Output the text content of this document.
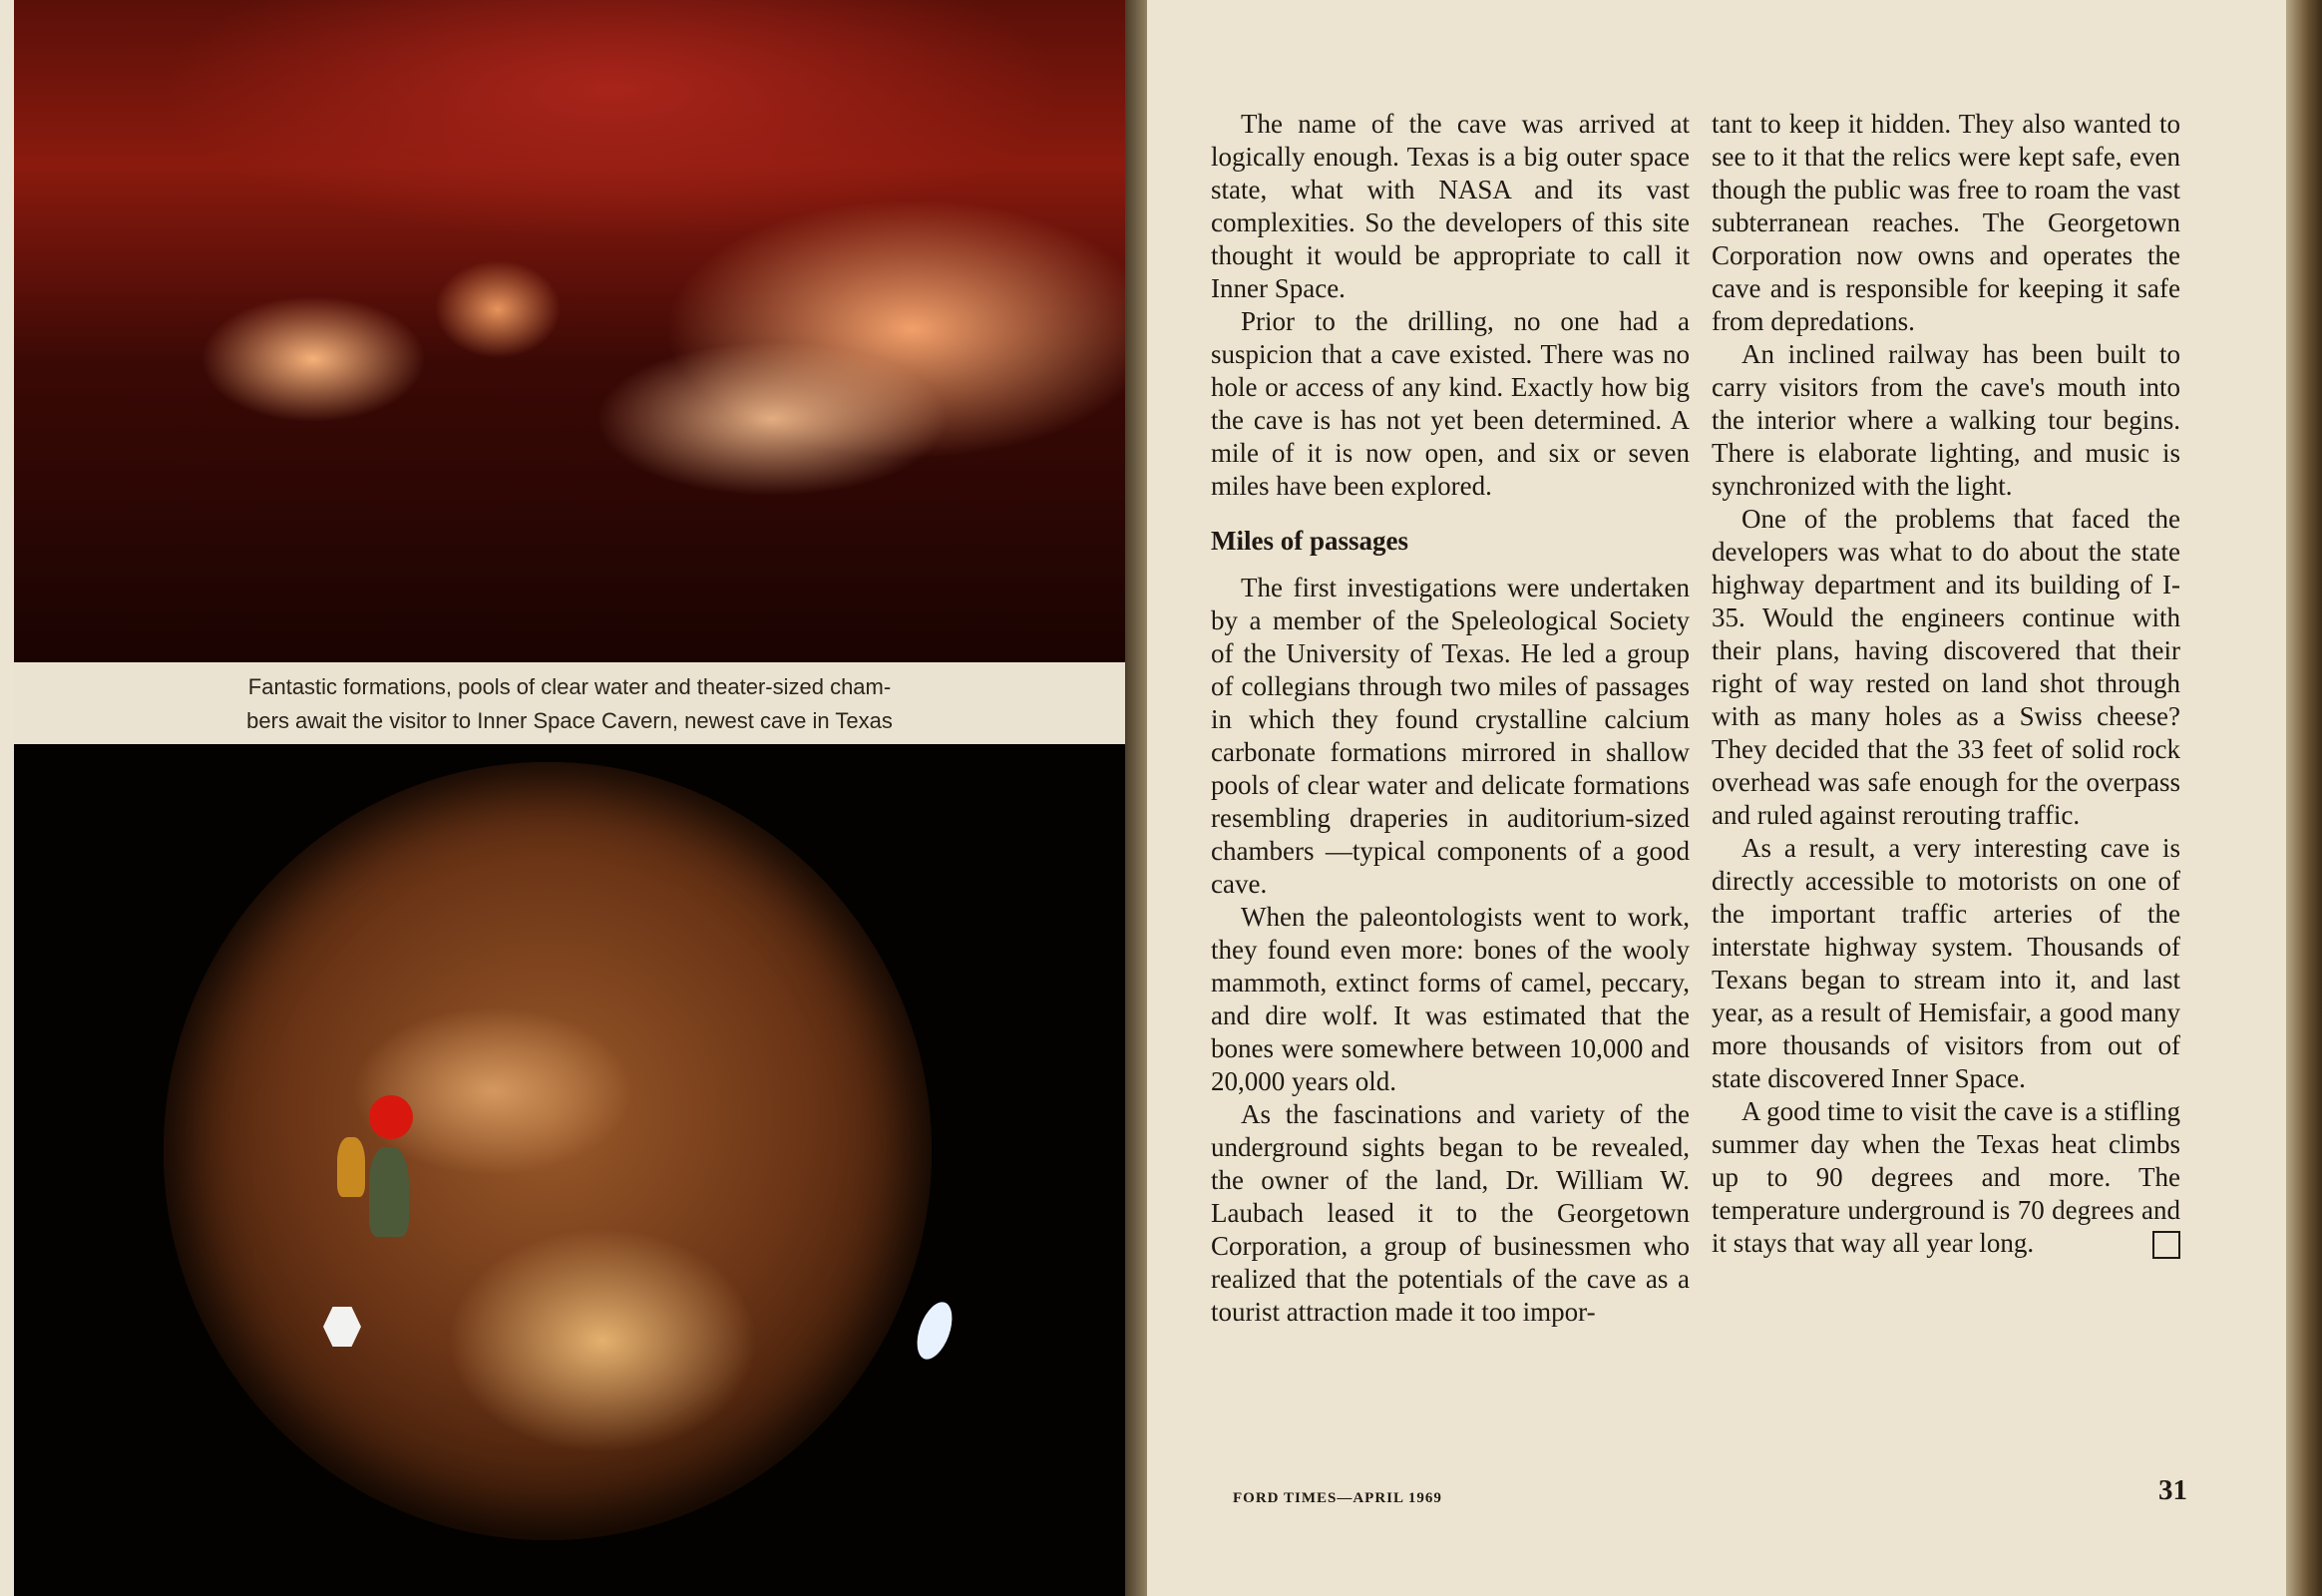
Fantastic formations, pools of clear water and theater-sized cham-
bers await the visitor to Inner Space Cavern, newest cave in Texas

The name of the cave was arrived at logically enough. Texas is a big outer space state, what with NASA and its vast complexities. So the developers of this site thought it would be appropriate to call it Inner Space.

Prior to the drilling, no one had a suspicion that a cave existed. There was no hole or access of any kind. Exactly how big the cave is has not yet been determined. A mile of it is now open, and six or seven miles have been explored.

Miles of passages

The first investigations were undertaken by a member of the Speleological Society of the University of Texas. He led a group of collegians through two miles of passages in which they found crystalline calcium carbonate formations mirrored in shallow pools of clear water and delicate formations resembling draperies in auditorium-sized chambers —typical components of a good cave.

When the paleontologists went to work, they found even more: bones of the wooly mammoth, extinct forms of camel, peccary, and dire wolf. It was estimated that the bones were somewhere between 10,000 and 20,000 years old.

As the fascinations and variety of the underground sights began to be revealed, the owner of the land, Dr. William W. Laubach leased it to the Georgetown Corporation, a group of businessmen who realized that the potentials of the cave as a tourist attraction made it too impor-

tant to keep it hidden. They also wanted to see to it that the relics were kept safe, even though the public was free to roam the vast subterranean reaches. The Georgetown Corporation now owns and operates the cave and is responsible for keeping it safe from depredations.

An inclined railway has been built to carry visitors from the cave's mouth into the interior where a walking tour begins. There is elaborate lighting, and music is synchronized with the light.

One of the problems that faced the developers was what to do about the state highway department and its building of I-35. Would the engineers continue with their plans, having discovered that their right of way rested on land shot through with as many holes as a Swiss cheese? They decided that the 33 feet of solid rock overhead was safe enough for the overpass and ruled against rerouting traffic.

As a result, a very interesting cave is directly accessible to motorists on one of the important traffic arteries of the interstate highway system. Thousands of Texans began to stream into it, and last year, as a result of Hemisfair, a good many more thousands of visitors from out of state discovered Inner Space.

A good time to visit the cave is a stifling summer day when the Texas heat climbs up to 90 degrees and more. The temperature underground is 70 degrees and it stays that way all year long.

FORD TIMES—APRIL 1969	31
